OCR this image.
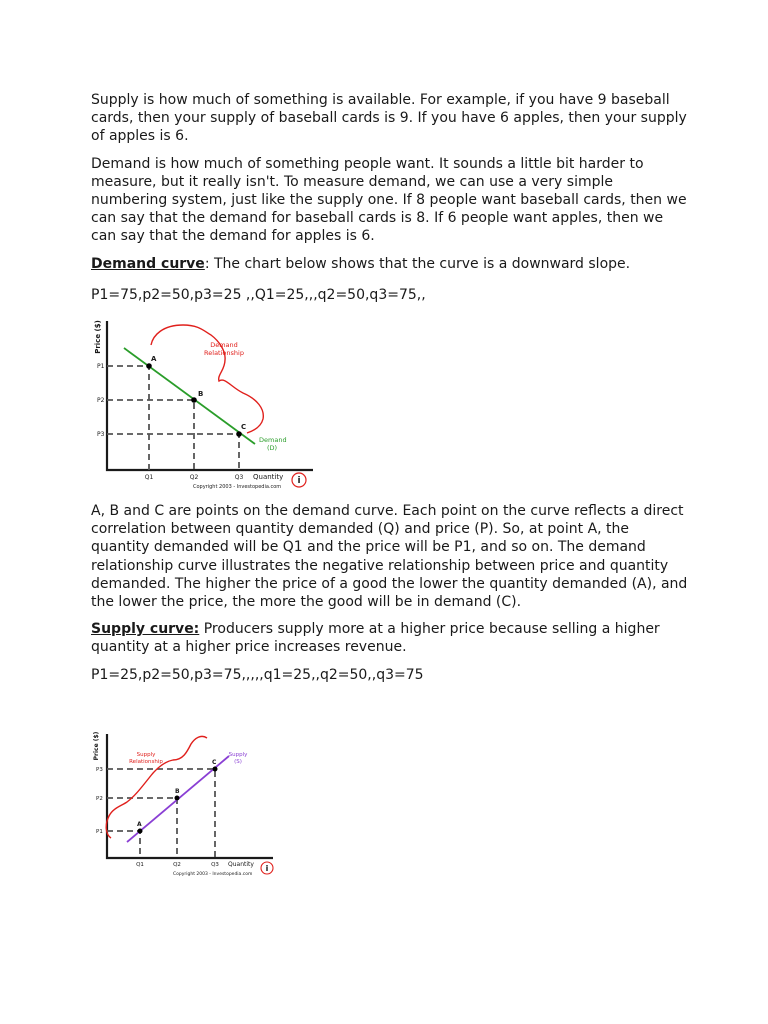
Supply is how much of something is available. For example, if you have 9 baseball cards, then your supply of baseball cards is 9. If you have 6 apples, then your supply of apples is 6.

Demand is how much of something people want. It sounds a little bit harder to measure, but it really isn't. To measure demand, we can use a very simple numbering system, just like the supply one. If 8 people want baseball cards, then we can say that the demand for baseball cards is 8. If 6 people want apples, then we can say that the demand for apples is 6.

Demand curve: The chart below shows that the curve is a downward slope.

P1=75,p2=50,p3=25 ,,Q1=25,,,q2=50,q3=75,,

Price ($)
A
B
C
P1
P2
P3
Q1	Q2	Q3 Quantity
Demand
Relationship
Demand
(D)
Copyright 2003 - Investopedia.com
i

A, B and C are points on the demand curve. Each point on the curve reflects a direct correlation between quantity demanded (Q) and price (P). So, at point A, the quantity demanded will be Q1 and the price will be P1, and so on. The demand relationship curve illustrates the negative relationship between price and quantity demanded. The higher the price of a good the lower the quantity demanded (A), and the lower the price, the more the good will be in demand (C).

Supply curve: Producers supply more at a higher price because selling a higher quantity at a higher price increases revenue.

P1=25,p2=50,p3=75,,,,,q1=25,,q2=50,,q3=75

Price ($)
A
B
C
P3
P2
P1
Q1	Q2	Q3 Quantity
Supply
Relationship
Supply
(S)
Copyright 2003 - Investopedia.com
i
